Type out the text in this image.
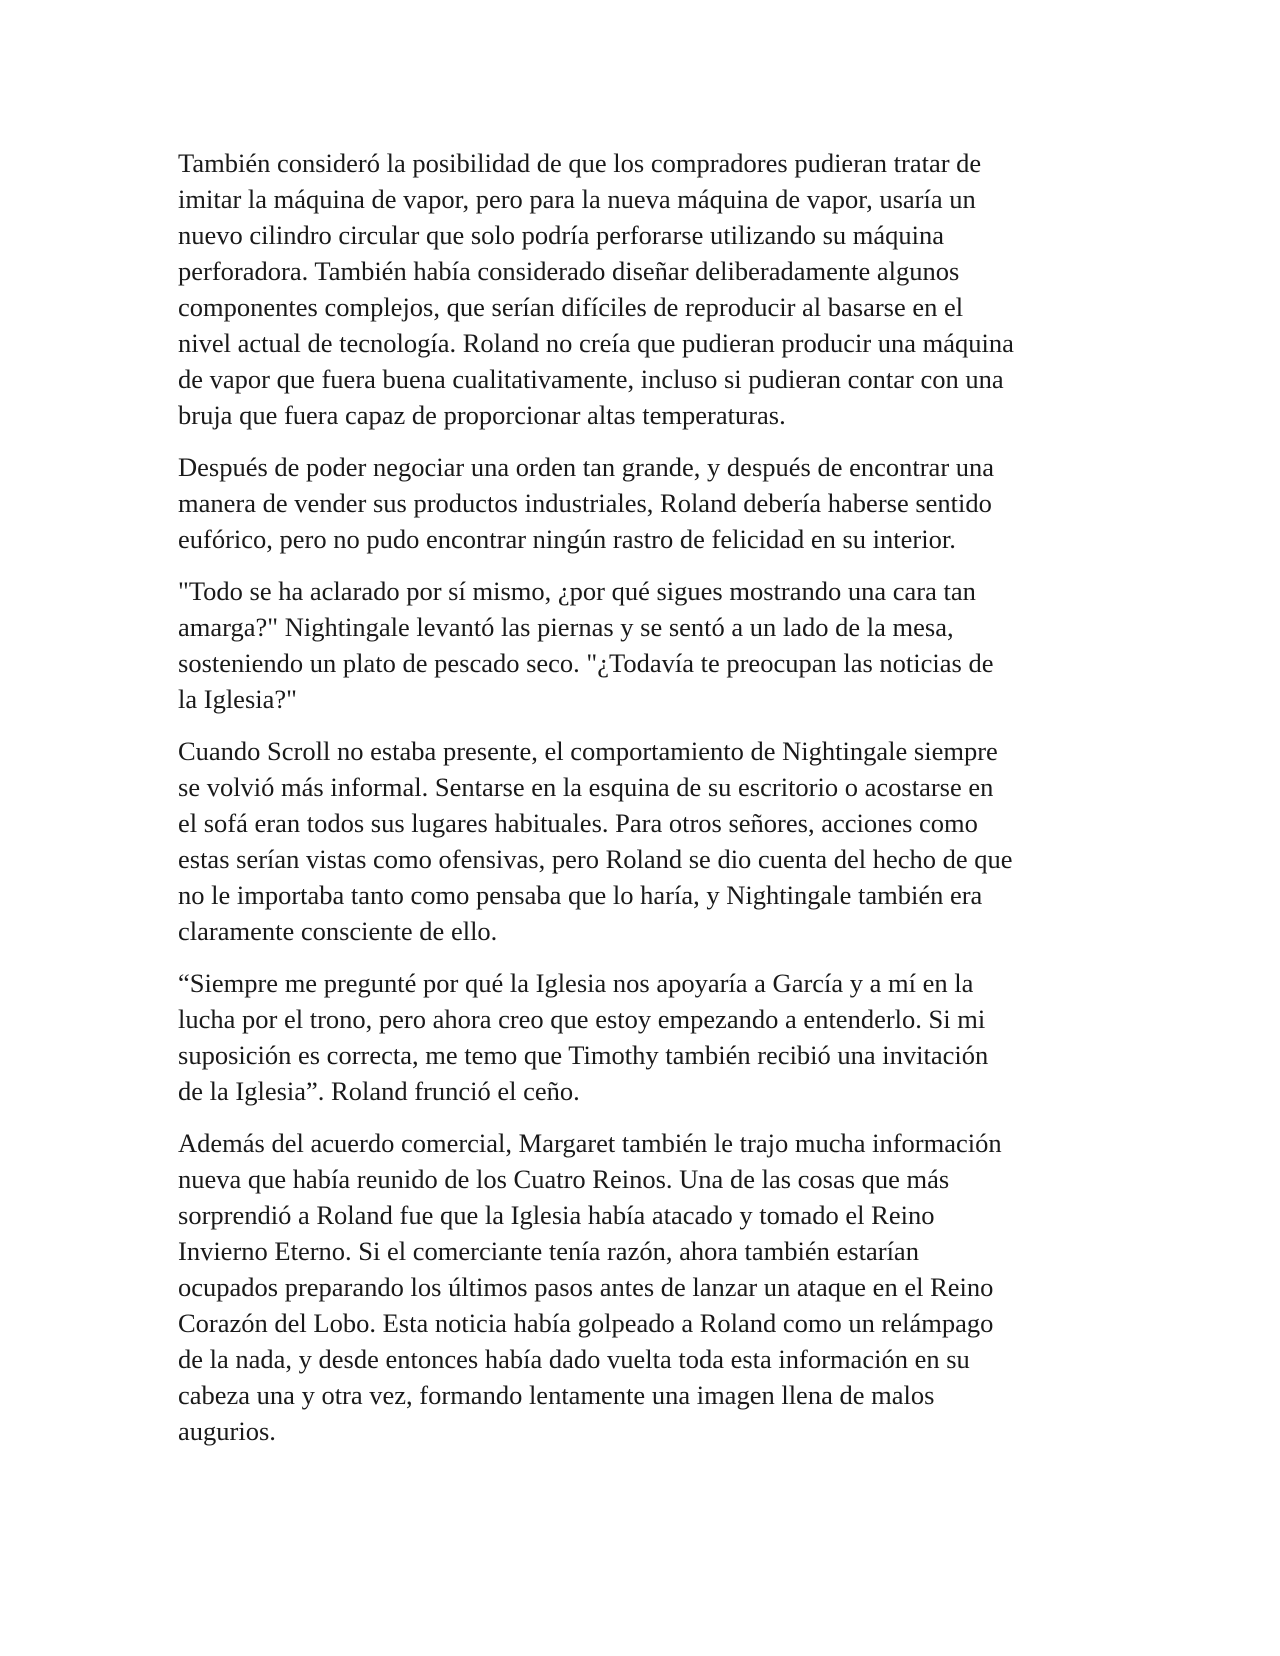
También consideró la posibilidad de que los compradores pudieran tratar de
imitar la máquina de vapor, pero para la nueva máquina de vapor, usaría un
nuevo cilindro circular que solo podría perforarse utilizando su máquina
perforadora. También había considerado diseñar deliberadamente algunos
componentes complejos, que serían difíciles de reproducir al basarse en el
nivel actual de tecnología. Roland no creía que pudieran producir una máquina
de vapor que fuera buena cualitativamente, incluso si pudieran contar con una
bruja que fuera capaz de proporcionar altas temperaturas.

Después de poder negociar una orden tan grande, y después de encontrar una
manera de vender sus productos industriales, Roland debería haberse sentido
eufórico, pero no pudo encontrar ningún rastro de felicidad en su interior.

"Todo se ha aclarado por sí mismo, ¿por qué sigues mostrando una cara tan
amarga?" Nightingale levantó las piernas y se sentó a un lado de la mesa,
sosteniendo un plato de pescado seco. "¿Todavía te preocupan las noticias de
la Iglesia?"

Cuando Scroll no estaba presente, el comportamiento de Nightingale siempre
se volvió más informal. Sentarse en la esquina de su escritorio o acostarse en
el sofá eran todos sus lugares habituales. Para otros señores, acciones como
estas serían vistas como ofensivas, pero Roland se dio cuenta del hecho de que
no le importaba tanto como pensaba que lo haría, y Nightingale también era
claramente consciente de ello.

“Siempre me pregunté por qué la Iglesia nos apoyaría a García y a mí en la
lucha por el trono, pero ahora creo que estoy empezando a entenderlo. Si mi
suposición es correcta, me temo que Timothy también recibió una invitación
de la Iglesia”. Roland frunció el ceño.

Además del acuerdo comercial, Margaret también le trajo mucha información
nueva que había reunido de los Cuatro Reinos. Una de las cosas que más
sorprendió a Roland fue que la Iglesia había atacado y tomado el Reino
Invierno Eterno. Si el comerciante tenía razón, ahora también estarían
ocupados preparando los últimos pasos antes de lanzar un ataque en el Reino
Corazón del Lobo. Esta noticia había golpeado a Roland como un relámpago
de la nada, y desde entonces había dado vuelta toda esta información en su
cabeza una y otra vez, formando lentamente una imagen llena de malos
augurios.
